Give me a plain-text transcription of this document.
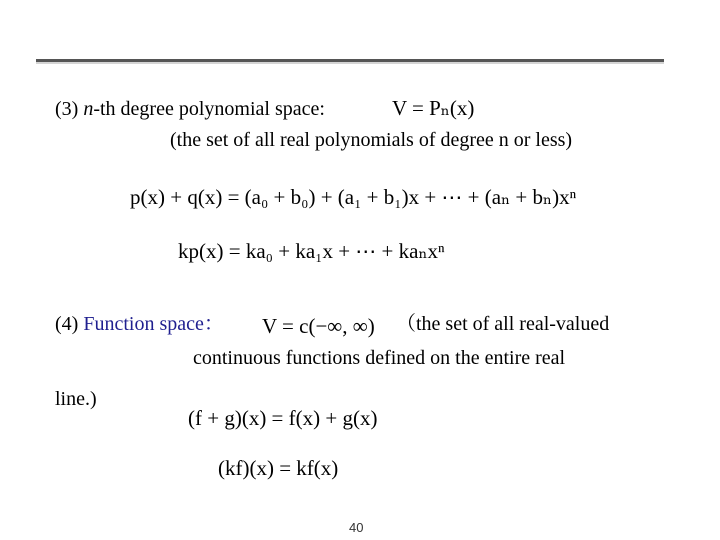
(3) n-th degree polynomial space:	V = Pₙ(x)
(the set of all real polynomials of degree n or less)
p(x) + q(x) = (a₀ + b₀) + (a₁ + b₁)x + ⋯ + (aₙ + bₙ)xⁿ
kp(x) = ka₀ + ka₁x + ⋯ + kaₙxⁿ
(4) Function space： V = c(−∞, ∞) （the set of all real-valued
continuous functions defined on the entire real
line.)
(f + g)(x) = f(x) + g(x)
(kf)(x) = kf(x)
40
